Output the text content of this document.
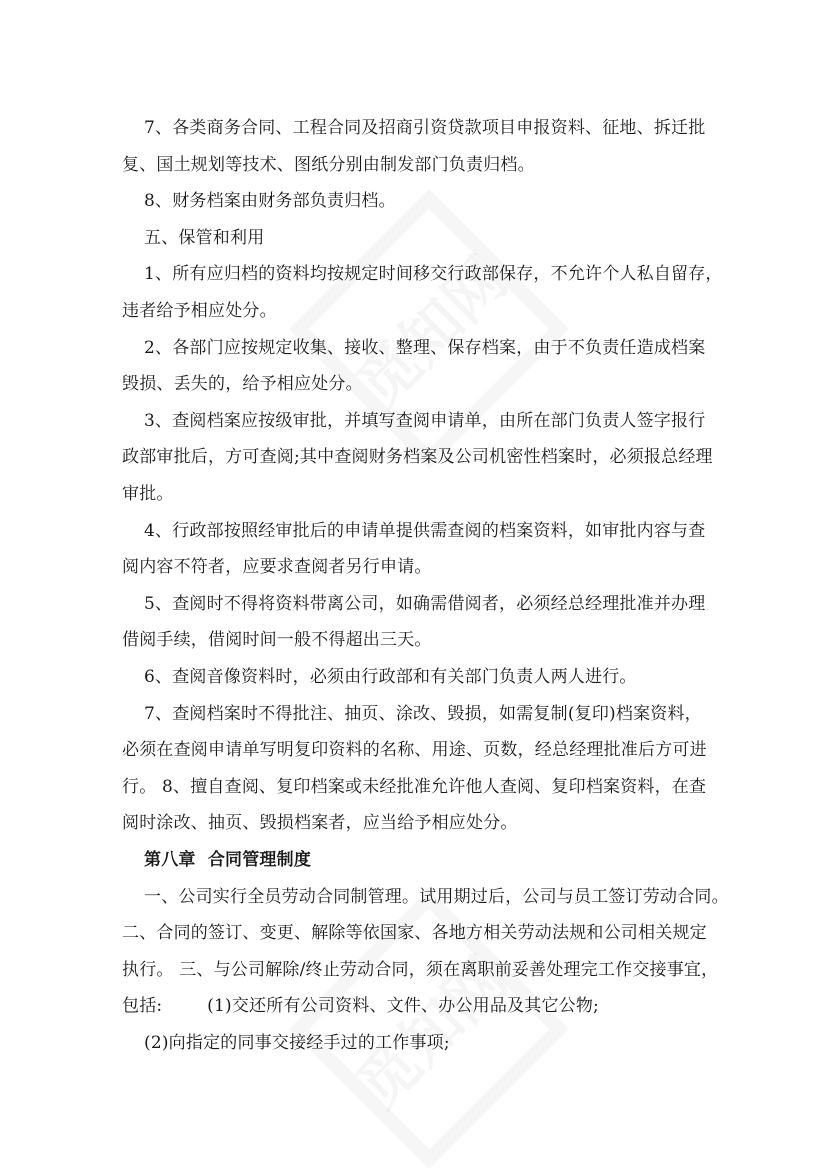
7、各类商务合同、工程合同及招商引资贷款项目申报资料、征地、拆迁批
复、国土规划等技术、图纸分别由制发部门负责归档。
8、财务档案由财务部负责归档。
五、保管和利用
1、所有应归档的资料均按规定时间移交行政部保存，不允许个人私自留存，
违者给予相应处分。
2、各部门应按规定收集、接收、整理、保存档案，由于不负责任造成档案
毁损、丢失的，给予相应处分。
3、查阅档案应按级审批，并填写查阅申请单，由所在部门负责人签字报行
政部审批后，方可查阅;其中查阅财务档案及公司机密性档案时，必须报总经理
审批。
4、行政部按照经审批后的申请单提供需查阅的档案资料，如审批内容与查
阅内容不符者，应要求查阅者另行申请。
5、查阅时不得将资料带离公司，如确需借阅者，必须经总经理批准并办理
借阅手续，借阅时间一般不得超出三天。
6、查阅音像资料时，必须由行政部和有关部门负责人两人进行。
7、查阅档案时不得批注、抽页、涂改、毁损，如需复制(复印)档案资料，
必须在查阅申请单写明复印资料的名称、用途、页数，经总经理批准后方可进
行。 8、擅自查阅、复印档案或未经批准允许他人查阅、复印档案资料，在查
阅时涂改、抽页、毁损档案者，应当给予相应处分。
第八章  合同管理制度
一、公司实行全员劳动合同制管理。试用期过后，公司与员工签订劳动合同。
二、合同的签订、变更、解除等依国家、各地方相关劳动法规和公司相关规定
执行。 三、与公司解除/终止劳动合同，须在离职前妥善处理完工作交接事宜，
包括:        (1)交还所有公司资料、文件、办公用品及其它公物;
(2)向指定的同事交接经手过的工作事项;
